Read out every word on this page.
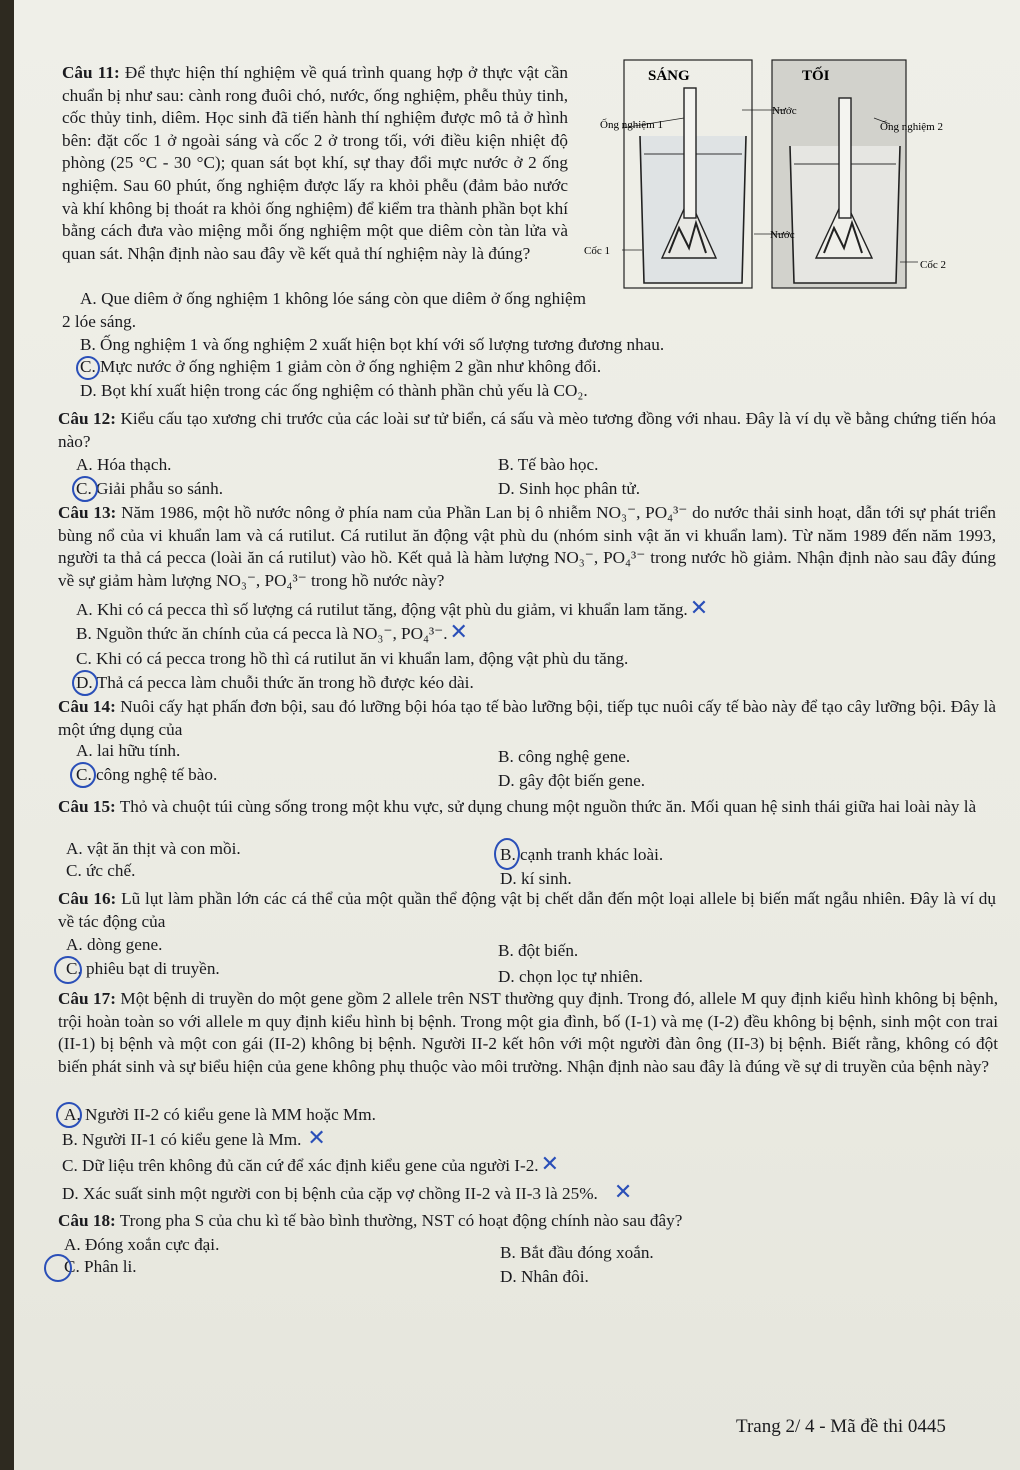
Câu 11: Để thực hiện thí nghiệm về quá trình quang hợp ở thực vật cần chuẩn bị như sau: cành rong đuôi chó, nước, ống nghiệm, phễu thủy tinh, cốc thủy tinh, diêm. Học sinh đã tiến hành thí nghiệm được mô tả ở hình bên: đặt cốc 1 ở ngoài sáng và cốc 2 ở trong tối, với điều kiện nhiệt độ phòng (25 °C - 30 °C); quan sát bọt khí, sự thay đổi mực nước ở 2 ống nghiệm. Sau 60 phút, ống nghiệm được lấy ra khỏi phễu (đảm bảo nước và khí không bị thoát ra khỏi ống nghiệm) để kiểm tra thành phần bọt khí bằng cách đưa vào miệng mỗi ống nghiệm một que diêm còn tàn lửa và quan sát. Nhận định nào sau đây về kết quả thí nghiệm này là đúng?
SÁNG	TỐI
Ống nghiệm 1	Ống nghiệm 2
Nước
Nước
Cốc 1
Cốc 2
A. Que diêm ở ống nghiệm 1 không lóe sáng còn que diêm ở ống nghiệm 2 lóe sáng.
B. Ống nghiệm 1 và ống nghiệm 2 xuất hiện bọt khí với số lượng tương đương nhau.
C. Mực nước ở ống nghiệm 1 giảm còn ở ống nghiệm 2 gần như không đổi.
D. Bọt khí xuất hiện trong các ống nghiệm có thành phần chủ yếu là CO₂.
Câu 12: Kiểu cấu tạo xương chi trước của các loài sư tử biển, cá sấu và mèo tương đồng với nhau. Đây là ví dụ về bằng chứng tiến hóa nào?
A. Hóa thạch.	B. Tế bào học.
C. Giải phẫu so sánh.	D. Sinh học phân tử.
Câu 13: Năm 1986, một hồ nước nông ở phía nam của Phần Lan bị ô nhiễm NO₃⁻, PO₄³⁻ do nước thải sinh hoạt, dẫn tới sự phát triển bùng nổ của vi khuẩn lam và cá rutilut. Cá rutilut ăn động vật phù du (nhóm sinh vật ăn vi khuẩn lam). Từ năm 1989 đến năm 1993, người ta thả cá pecca (loài ăn cá rutilut) vào hồ. Kết quả là hàm lượng NO₃⁻, PO₄³⁻ trong nước hồ giảm. Nhận định nào sau đây đúng về sự giảm hàm lượng NO₃⁻, PO₄³⁻ trong hồ nước này?
A. Khi có cá pecca thì số lượng cá rutilut tăng, động vật phù du giảm, vi khuẩn lam tăng.✕
B. Nguồn thức ăn chính của cá pecca là NO₃⁻, PO₄³⁻.✕
C. Khi có cá pecca trong hồ thì cá rutilut ăn vi khuẩn lam, động vật phù du tăng.
D. Thả cá pecca làm chuỗi thức ăn trong hồ được kéo dài.
Câu 14: Nuôi cấy hạt phấn đơn bội, sau đó lưỡng bội hóa tạo tế bào lưỡng bội, tiếp tục nuôi cấy tế bào này để tạo cây lưỡng bội. Đây là một ứng dụng của
A. lai hữu tính.	B. công nghệ gene.
C. công nghệ tế bào.	D. gây đột biến gene.
Câu 15: Thỏ và chuột túi cùng sống trong một khu vực, sử dụng chung một nguồn thức ăn. Mối quan hệ sinh thái giữa hai loài này là
A. vật ăn thịt và con mồi.	B. cạnh tranh khác loài.
C. ức chế.	D. kí sinh.
Câu 16: Lũ lụt làm phần lớn các cá thể của một quần thể động vật bị chết dẫn đến một loại allele bị biến mất ngẫu nhiên. Đây là ví dụ về tác động của
A. dòng gene.	B. đột biến.
C. phiêu bạt di truyền.	D. chọn lọc tự nhiên.
Câu 17: Một bệnh di truyền do một gene gồm 2 allele trên NST thường quy định. Trong đó, allele M quy định kiểu hình không bị bệnh, trội hoàn toàn so với allele m quy định kiểu hình bị bệnh. Trong một gia đình, bố (I-1) và mẹ (I-2) đều không bị bệnh, sinh một con trai (II-1) bị bệnh và một con gái (II-2) không bị bệnh. Người II-2 kết hôn với một người đàn ông (II-3) bị bệnh. Biết rằng, không có đột biến phát sinh và sự biểu hiện của gene không phụ thuộc vào môi trường. Nhận định nào sau đây là đúng về sự di truyền của bệnh này?
A. Người II-2 có kiểu gene là MM hoặc Mm.
B. Người II-1 có kiểu gene là Mm. ✕
C. Dữ liệu trên không đủ căn cứ để xác định kiểu gene của người I-2.✕
D. Xác suất sinh một người con bị bệnh của cặp vợ chồng II-2 và II-3 là 25%. ✕
Câu 18: Trong pha S của chu kì tế bào bình thường, NST có hoạt động chính nào sau đây?
A. Đóng xoắn cực đại.	B. Bắt đầu đóng xoắn.
C. Phân li.
D. Nhân đôi.
Trang 2/ 4 - Mã đề thi 0445
